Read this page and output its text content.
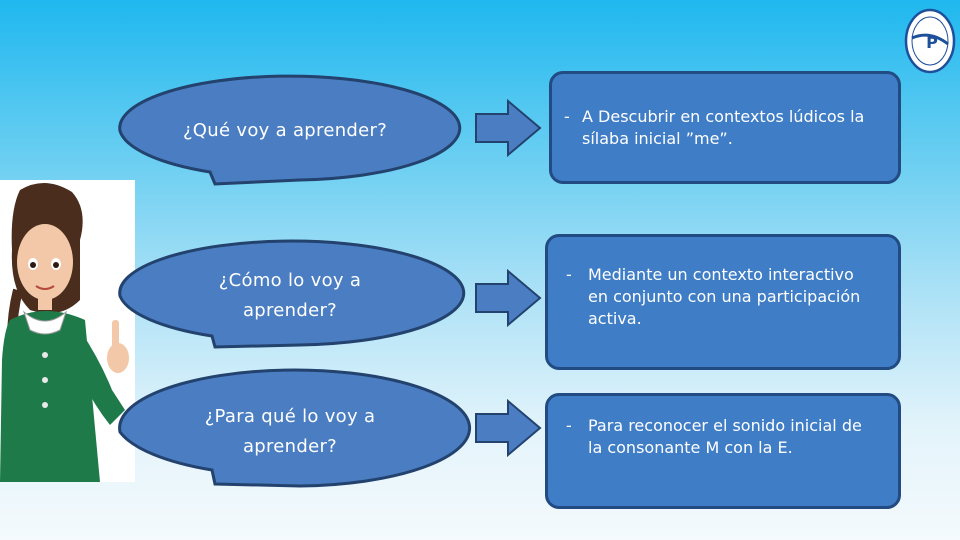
¿Qué voy a aprender?
¿Cómo lo voy a
aprender?
¿Para qué lo voy a
aprender?
- A Descubrir en contextos lúdicos la
sílaba inicial ”me”.
- Mediante un contexto interactivo
en conjunto con una participación
activa.
- Para reconocer el sonido inicial de
la consonante M con la E.
P
